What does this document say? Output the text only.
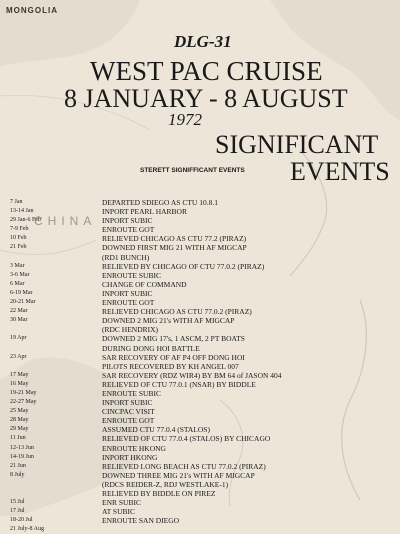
MONGOLIA
CHINA
DLG-31
WEST PAC CRUISE
8 JANUARY - 8 AUGUST
1972
SIGNIFICANT
EVENTS
STERETT SIGNIFFICANT EVENTS
7 Jan	DEPARTED SDIEGO AS CTU 10.8.1
13-14 Jan	INPORT PEARL HARBOR
29 Jan-6 Feb	INPORT SUBIC
7-9 Feb	ENROUTE GOT
10 Feb	RELIEVED CHICAGO AS CTU 77.2 (PIRAZ)
21 Feb	DOWNED FIRST MIG 21 WITH AF MIGCAP
(RD1 BUNCH)
3 Mar	RELIEVED BY CHICAGO OF CTU 77.0.2 (PIRAZ)
3-6 Mar	ENROUTE SUBIC
6 Mar	CHANGE OF COMMAND
6-19 Mar	INPORT SUBIC
20-21 Mar	ENROUTE GOT
22 Mar	RELIEVED CHICAGO AS CTU 77.0.2 (PIRAZ)
30 Mar	DOWNED 2 MIG 21's WITH AF MIGCAP
(RDC HENDRIX)
19 Apr	DOWNED 2 MIG 17's, 1 ASCM, 2 PT BOATS
DURING DONG HOI BATTLE
23 Apr	SAR RECOVERY OF AF P4 OFF DONG HOI
PILOTS RECOVERED BY KH ANGEL 007
17 May	SAR RECOVERY (RDZ WIR4) BY BM 64 of JASON 404
16 May	RELIEVED OF CTU 77.0.1 (NSAR) BY BIDDLE
19-21 May	ENROUTE SUBIC
22-27 May	INPORT SUBIC
25 May	CINCPAC VISIT
28 May	ENROUTE GOT
29 May	ASSUMED CTU 77.0.4 (STALOS)
11 Jun	RELIEVED OF CTU 77.0.4 (STALOS) BY CHICAGO
12-13 Jun	ENROUTE HKONG
14-19 Jun	INPORT HKONG
21 Jun	RELIEVED LONG BEACH AS CTU 77.0.2 (PIRAZ)
8 July	DOWNED THREE MIG 21's WITH AF MIGCAP
(RDCS REIDER-Z, RDJ WESTLAKE-1)
RELIEVED BY BIDDLE ON PIREZ
15 Jul	ENR SUBIC
17 Jul	AT SUBIC
18-20 Jul	ENROUTE SAN DIEGO
21 July-8 Aug
